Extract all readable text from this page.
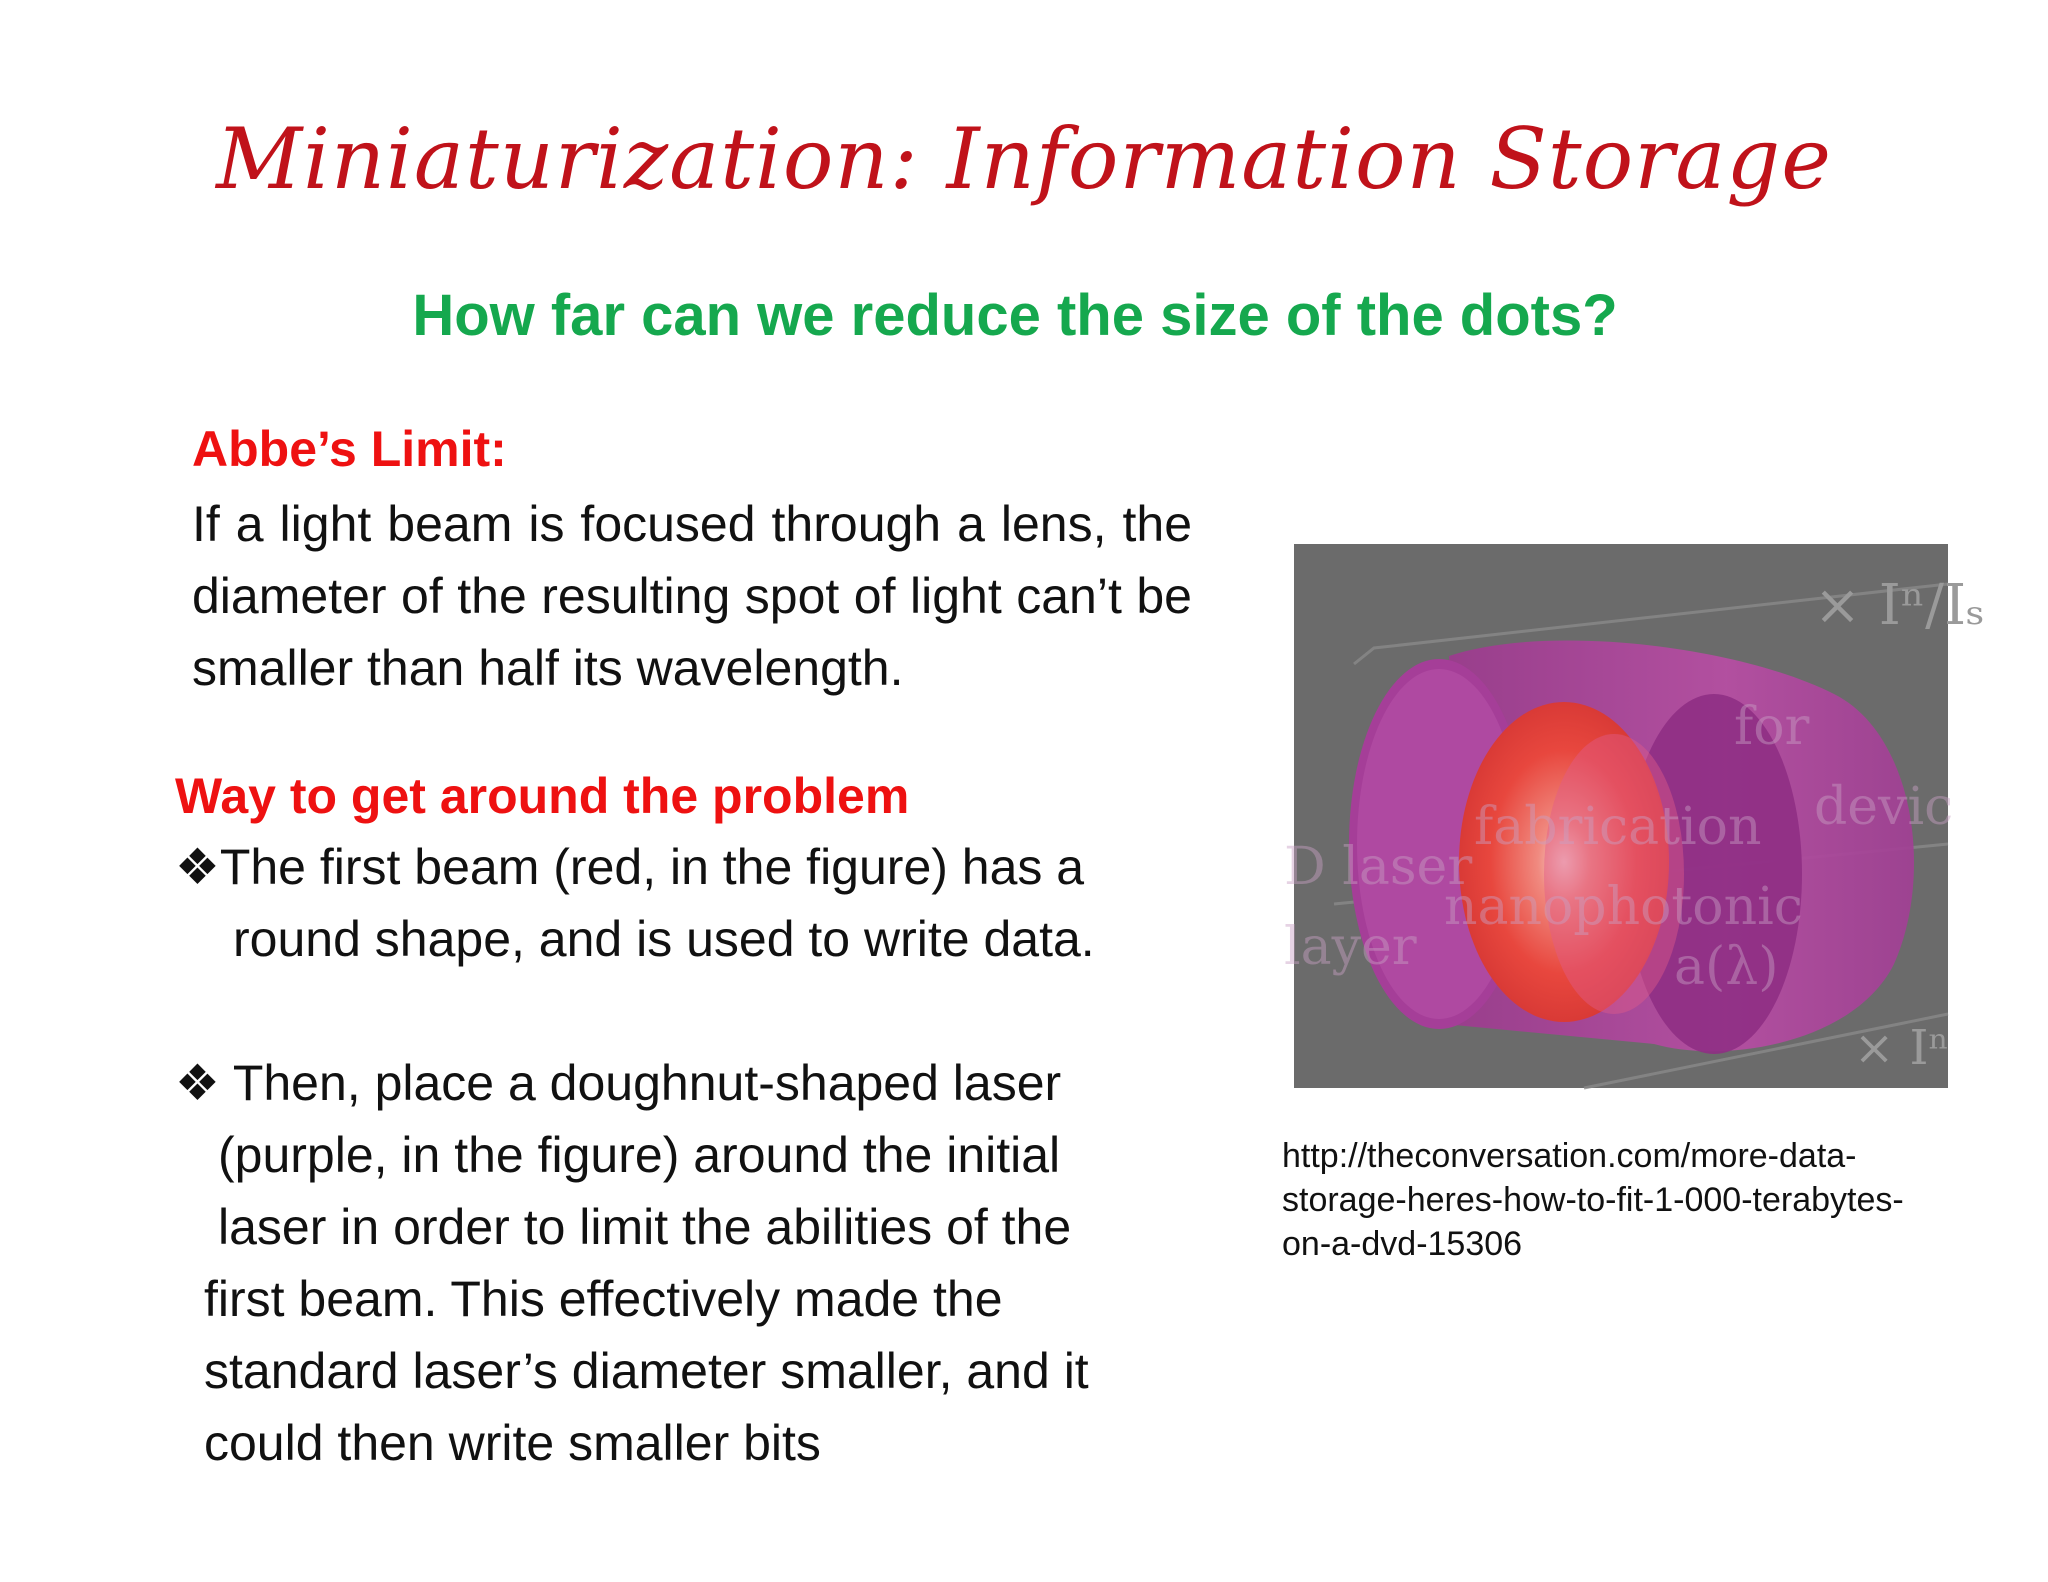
Miniaturization: Information Storage
How far can we reduce the size of the dots?
Abbe’s Limit:
If a light beam is focused through a lens, the diameter of the resulting spot of light can’t be smaller than half its wavelength.
Way to get around the problem
❖The first beam (red, in the figure) has a
round shape, and is used to write data.
❖ Then, place a doughnut-shaped laser
(purple, in the figure) around the initial
laser in order to limit the abilities of the
first beam. This effectively made the
standard laser’s diameter smaller, and it
could then write smaller bits
× Iⁿ/Iₛ
× Iⁿ
D laser
fabrication
layer
nanophotonic
devic
for
a(λ)
http://theconversation.com/more-data-
storage-heres-how-to-fit-1-000-terabytes-
on-a-dvd-15306
